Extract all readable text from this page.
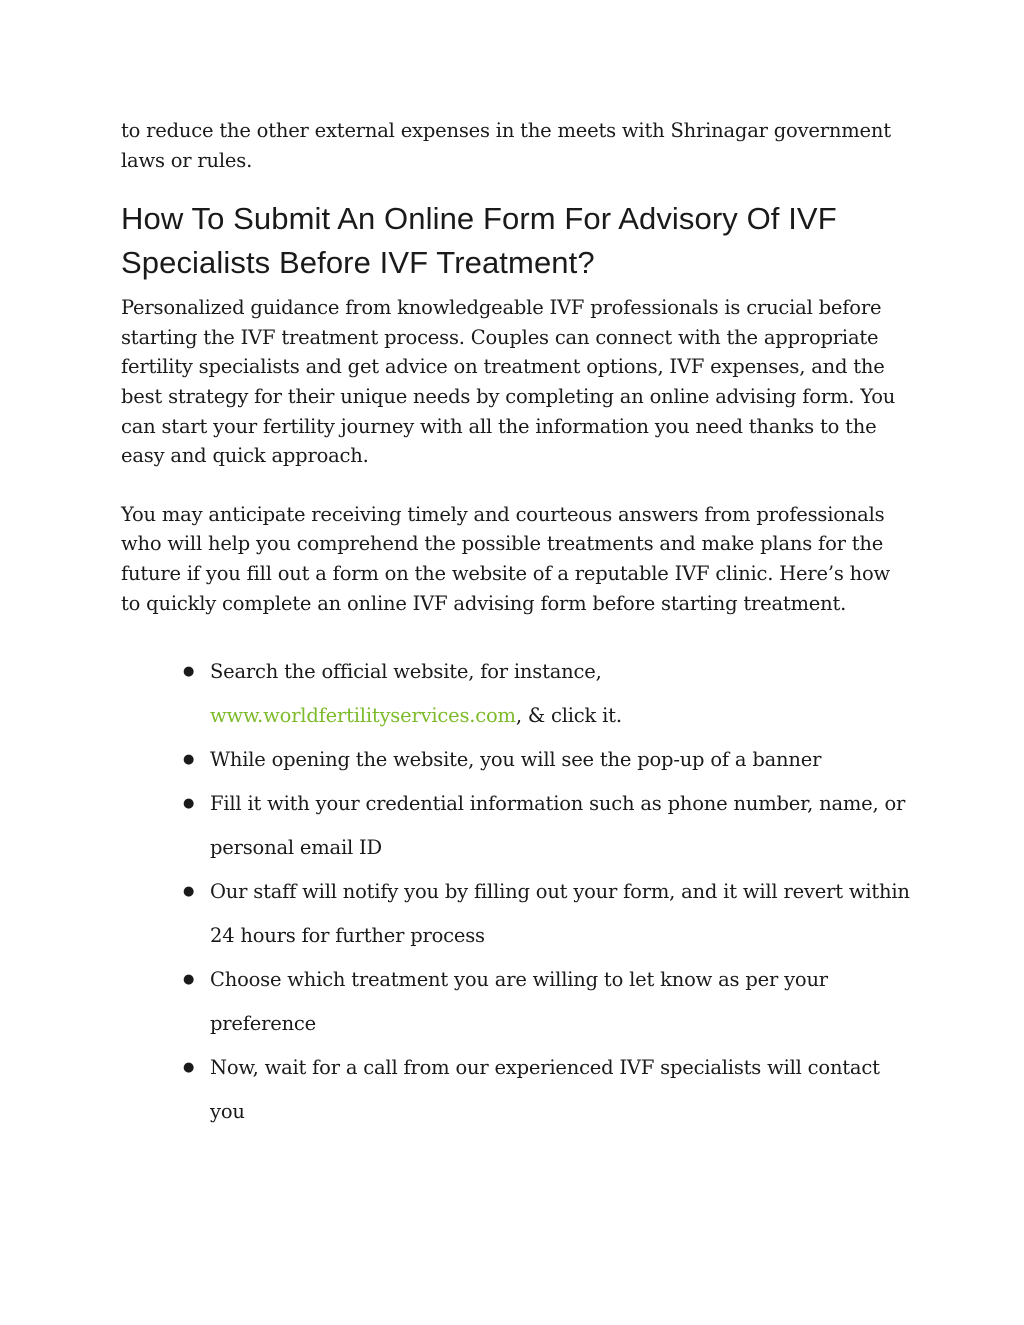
to reduce the other external expenses in the meets with Shrinagar government laws or rules.

How To Submit An Online Form For Advisory Of IVF Specialists Before IVF Treatment?

Personalized guidance from knowledgeable IVF professionals is crucial before starting the IVF treatment process. Couples can connect with the appropriate fertility specialists and get advice on treatment options, IVF expenses, and the best strategy for their unique needs by completing an online advising form. You can start your fertility journey with all the information you need thanks to the easy and quick approach.

You may anticipate receiving timely and courteous answers from professionals who will help you comprehend the possible treatments and make plans for the future if you fill out a form on the website of a reputable IVF clinic. Here’s how to quickly complete an online IVF advising form before starting treatment.

● Search the official website, for instance,
www.worldfertilityservices.com, & click it.
● While opening the website, you will see the pop-up of a banner
● Fill it with your credential information such as phone number, name, or personal email ID
● Our staff will notify you by filling out your form, and it will revert within 24 hours for further process
● Choose which treatment you are willing to let know as per your preference
● Now, wait for a call from our experienced IVF specialists will contact you
